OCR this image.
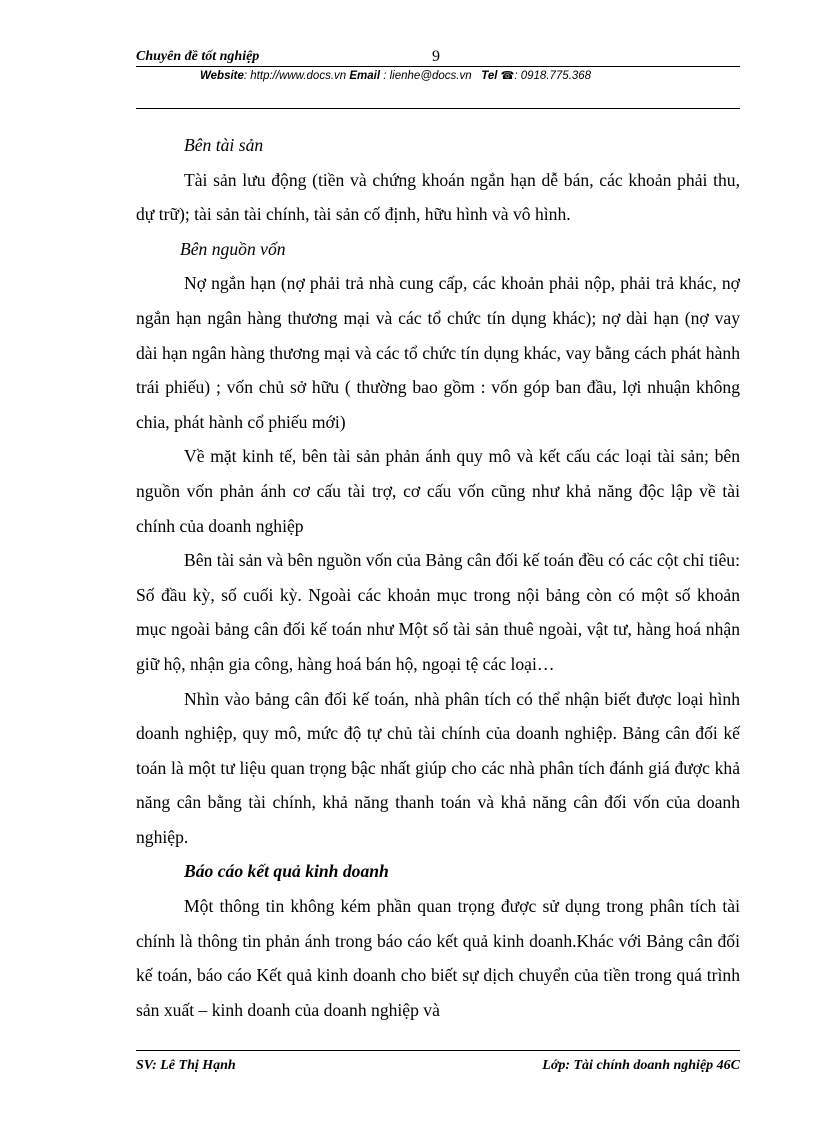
Chuyên đề tốt nghiệp	9
Website: http://www.docs.vn Email : lienhe@docs.vn Tel ☎: 0918.775.368

Bên tài sản

Tài sản lưu động (tiền và chứng khoán ngắn hạn dễ bán, các khoản phải thu, dự trữ); tài sản tài chính, tài sản cố định, hữu hình và vô hình.

Bên nguồn vốn

Nợ ngắn hạn (nợ phải trả nhà cung cấp, các khoản phải nộp, phải trả khác, nợ ngắn hạn ngân hàng thương mại và các tổ chức tín dụng khác); nợ dài hạn (nợ vay dài hạn ngân hàng thương mại và các tổ chức tín dụng khác, vay bằng cách phát hành trái phiếu) ; vốn chủ sở hữu ( thường bao gồm : vốn góp ban đầu, lợi nhuận không chia, phát hành cổ phiếu mới)

Về mặt kinh tế, bên tài sản phản ánh quy mô và kết cấu các loại tài sản; bên nguồn vốn phản ánh cơ cấu tài trợ, cơ cấu vốn cũng như khả năng độc lập về tài chính của doanh nghiệp

Bên tài sản và bên nguồn vốn của Bảng cân đối kế toán đều có các cột chỉ tiêu: Số đầu kỳ, số cuối kỳ. Ngoài các khoản mục trong nội bảng còn có một số khoản mục ngoài bảng cân đối kế toán như Một số tài sản thuê ngoài, vật tư, hàng hoá nhận giữ hộ, nhận gia công, hàng hoá bán hộ, ngoại tệ các loại…

Nhìn vào bảng cân đối kế toán, nhà phân tích có thể nhận biết được loại hình doanh nghiệp, quy mô, mức độ tự chủ tài chính của doanh nghiệp. Bảng cân đối kế toán là một tư liệu quan trọng bậc nhất giúp cho các nhà phân tích đánh giá được khả năng cân bằng tài chính, khả năng thanh toán và khả năng cân đối vốn của doanh nghiệp.

Báo cáo kết quả kinh doanh

Một thông tin không kém phần quan trọng được sử dụng trong phân tích tài chính là thông tin phản ánh trong báo cáo kết quả kinh doanh.Khác với Bảng cân đối kế toán, báo cáo Kết quả kinh doanh cho biết sự dịch chuyển của tiền trong quá trình sản xuất – kinh doanh của doanh nghiệp và

SV: Lê Thị Hạnh	Lớp: Tài chính doanh nghiệp 46C
